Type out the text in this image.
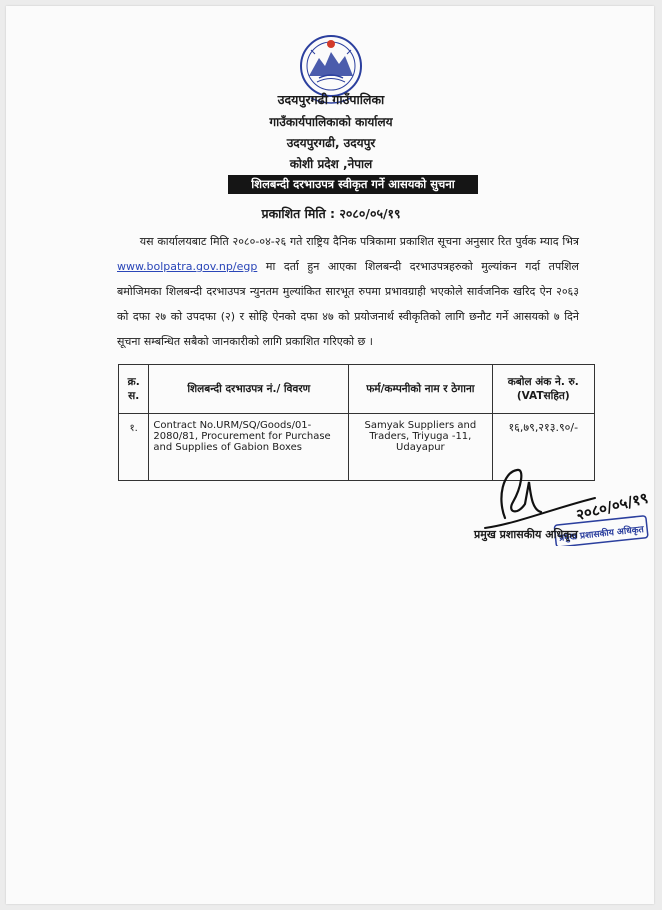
उदयपुरगढी गाउँपालिका
गाउँकार्यपालिकाको कार्यालय
उदयपुरगढी, उदयपुर
कोशी प्रदेश ,नेपाल
शिलबन्दी दरभाउपत्र स्वीकृत गर्ने आसयको सुचना
प्रकाशित मिति : २०८०/०५/१९
यस कार्यालयबाट मिति २०८०-०४-२६ गते राष्ट्रिय दैनिक पत्रिकामा प्रकाशित सूचना अनुसार रित पुर्वक म्याद भित्र www.bolpatra.gov.np/egp मा दर्ता हुन आएका शिलबन्दी दरभाउपत्रहरुको मुल्यांकन गर्दा तपशिल बमोजिमका शिलबन्दी दरभाउपत्र न्युनतम मुल्यांकित सारभूत रुपमा प्रभावग्राही भएकोले सार्वजनिक खरिद ऐन २०६३ को दफा २७ को उपदफा (२) र सोहि ऐनको दफा ४७ को प्रयोजनार्थ स्वीकृतिको लागि छनौट गर्ने आसयको ७ दिने सूचना सम्बन्धित सबैको जानकारीको लागि प्रकाशित गरिएको छ ।
क्र. स.	शिलबन्दी दरभाउपत्र नं./ विवरण	फर्म/कम्पनीको नाम र ठेगाना	कबोल अंक ने. रु.(VATसहित)
१.	Contract No.URM/SQ/Goods/01-2080/81, Procurement for Purchase and Supplies of Gabion Boxes	Samyak Suppliers and Traders, Triyuga -11, Udayapur	१६,७९,२१३.९०/-
२०८०/०५/१९
प्रमुख प्रशासकीय अधिकृत
प्रमुख प्रशासकीय अधिकृत
